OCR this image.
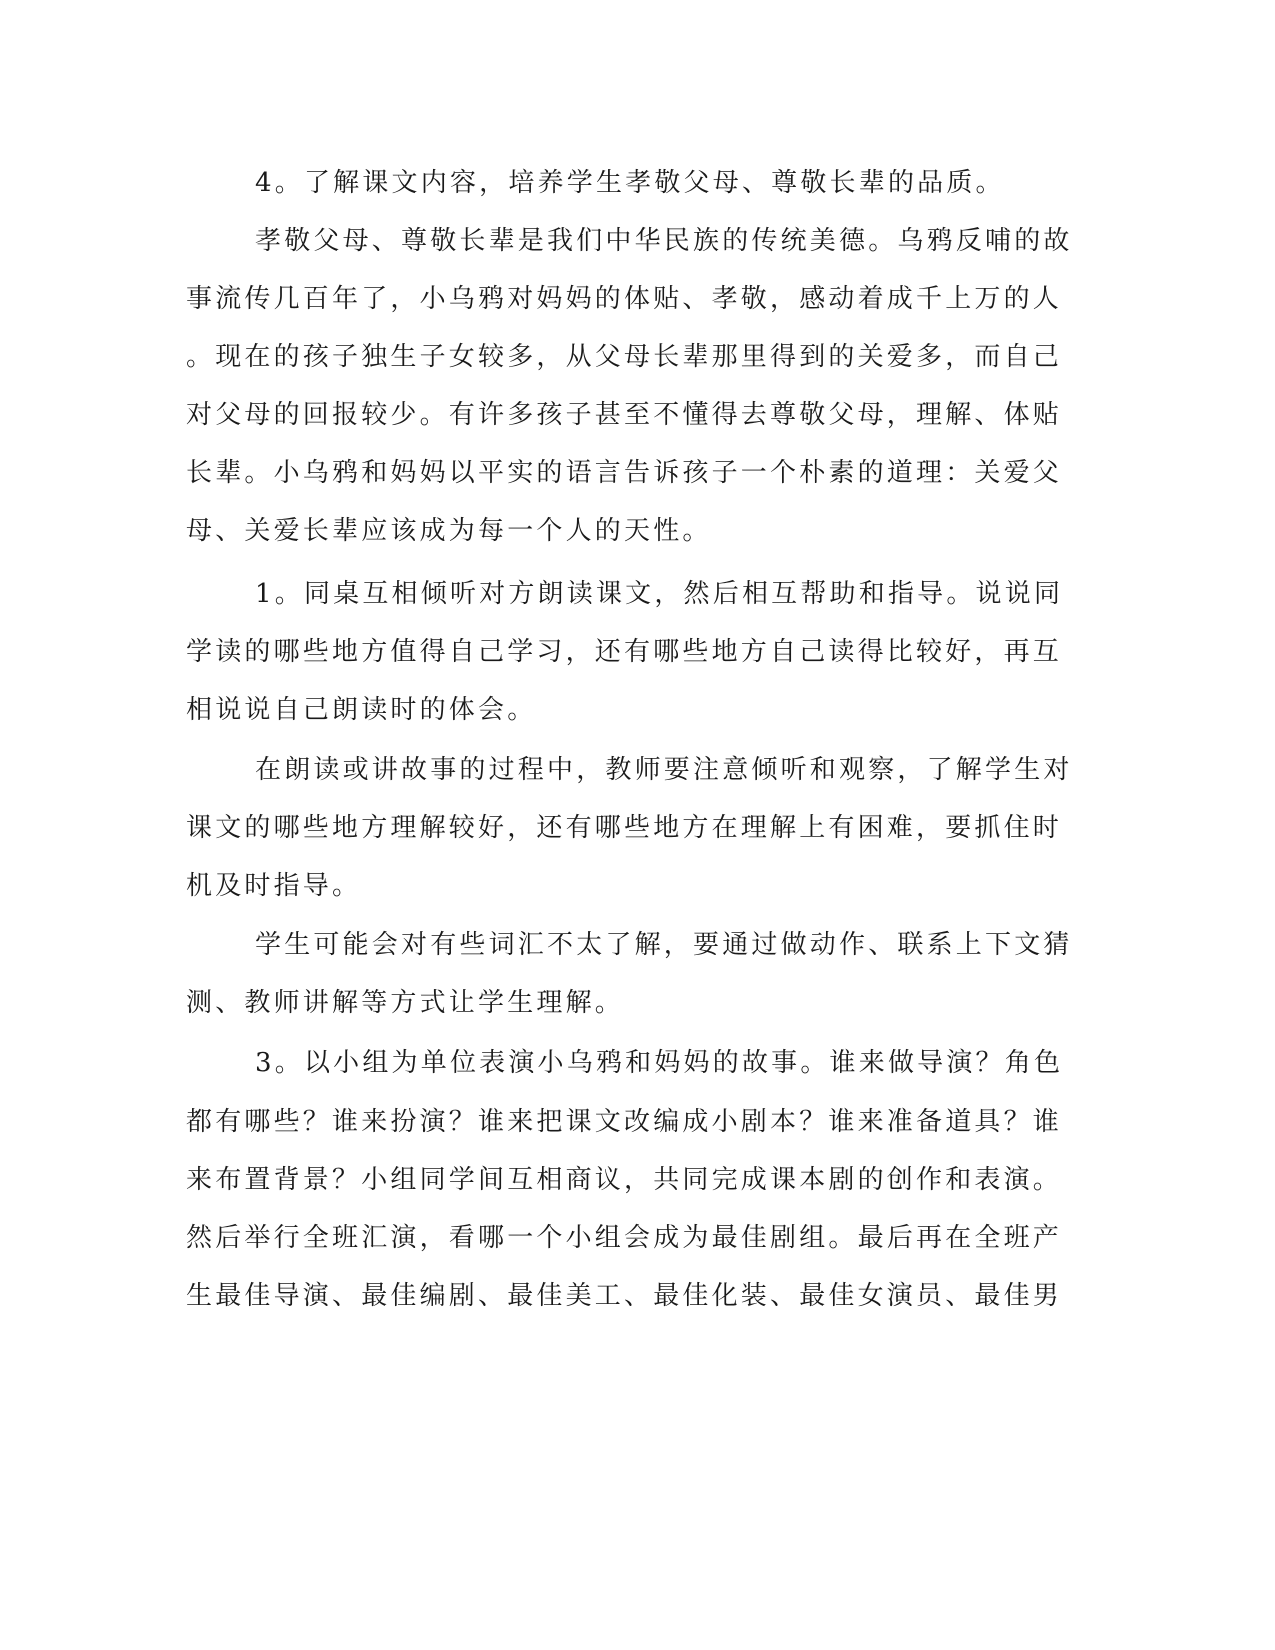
4。了解课文内容，培养学生孝敬父母、尊敬长辈的品质。
孝敬父母、尊敬长辈是我们中华民族的传统美德。乌鸦反哺的故
事流传几百年了，小乌鸦对妈妈的体贴、孝敬，感动着成千上万的人
。现在的孩子独生子女较多，从父母长辈那里得到的关爱多，而自己
对父母的回报较少。有许多孩子甚至不懂得去尊敬父母，理解、体贴
长辈。小乌鸦和妈妈以平实的语言告诉孩子一个朴素的道理：关爱父
母、关爱长辈应该成为每一个人的天性。
1。同桌互相倾听对方朗读课文，然后相互帮助和指导。说说同
学读的哪些地方值得自己学习，还有哪些地方自己读得比较好，再互
相说说自己朗读时的体会。
在朗读或讲故事的过程中，教师要注意倾听和观察，了解学生对
课文的哪些地方理解较好，还有哪些地方在理解上有困难，要抓住时
机及时指导。
学生可能会对有些词汇不太了解，要通过做动作、联系上下文猜
测、教师讲解等方式让学生理解。
3。以小组为单位表演小乌鸦和妈妈的故事。谁来做导演？角色
都有哪些？谁来扮演？谁来把课文改编成小剧本？谁来准备道具？谁
来布置背景？小组同学间互相商议，共同完成课本剧的创作和表演。
然后举行全班汇演，看哪一个小组会成为最佳剧组。最后再在全班产
生最佳导演、最佳编剧、最佳美工、最佳化装、最佳女演员、最佳男
